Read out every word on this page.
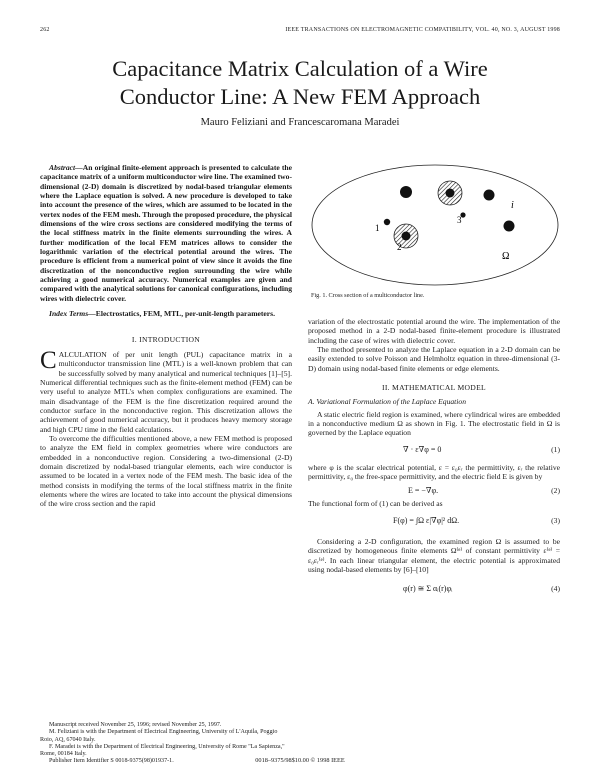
262	IEEE TRANSACTIONS ON ELECTROMAGNETIC COMPATIBILITY, VOL. 40, NO. 3, AUGUST 1998
Capacitance Matrix Calculation of a Wire
Conductor Line: A New FEM Approach
Mauro Feliziani and Francescaromana Maradei

Abstract—An original finite-element approach is presented to calculate the capacitance matrix of a uniform multiconductor wire line. The examined two-dimensional (2-D) domain is discretized by nodal-based triangular elements where the Laplace equation is solved. A new procedure is developed to take into account the presence of the wires, which are assumed to be located in the vertex nodes of the FEM mesh. Through the proposed procedure, the physical dimensions of the wire cross sections are considered modifying the terms of the local stiffness matrix in the finite elements surrounding the wires. A further modification of the local FEM matrices allows to consider the logarithmic variation of the electrical potential around the wires. The procedure is efficient from a numerical point of view since it avoids the fine discretization of the nonconductive region surrounding the wire while achieving a good numerical accuracy. Numerical examples are given and compared with the analytical solutions for canonical configurations, including wires with dielectric cover.

Index Terms—Electrostatics, FEM, MTL, per-unit-length parameters.

I. INTRODUCTION

CALCULATION of per unit length (PUL) capacitance matrix in a multiconductor transmission line (MTL) is a well-known problem that can be successfully solved by many analytical and numerical techniques [1]–[5]. Numerical differential techniques such as the finite-element method (FEM) can be very useful to analyze MTL's when complex configurations are examined. The main disadvantage of the FEM is the fine discretization required around the conductor surface in the nonconductive region. This discretization allows the achievement of good numerical accuracy, but it produces heavy memory storage and high CPU time in the field calculations.

To overcome the difficulties mentioned above, a new FEM method is proposed to analyze the EM field in complex geometries where wire conductors are embedded in a nonconductive region. Considering a two-dimensional (2-D) domain discretized by nodal-based triangular elements, each wire conductor is assumed to be located in a vertex node of the FEM mesh. The basic idea of the method consists in modifying the terms of the local stiffness matrix in the finite elements where the wires are located to take into account the physical dimensions of the wire cross section and the rapid

Manuscript received November 25, 1996; revised November 25, 1997.
M. Feliziani is with the Department of Electrical Engineering, University of L'Aquila, Poggio Roio, AQ, 67040 Italy.
F. Maradei is with the Department of Electrical Engineering, University of Rome "La Sapienza," Rome, 00184 Italy.
Publisher Item Identifier S 0018-9375(98)01937-1.
1
2
3
i
Ω
Fig. 1. Cross section of a multiconductor line.

variation of the electrostatic potential around the wire. The implementation of the proposed method in a 2-D nodal-based finite-element procedure is illustrated including the case of wires with dielectric cover.

The method presented to analyze the Laplace equation in a 2-D domain can be easily extended to solve Poisson and Helmholtz equation in three-dimensional (3-D) domain using nodal-based finite elements or edge elements.

II. MATHEMATICAL MODEL
A. Variational Formulation of the Laplace Equation

A static electric field region is examined, where cylindrical wires are embedded in a nonconductive medium Ω as shown in Fig. 1. The electrostatic field in Ω is governed by the Laplace equation

∇ · ε∇φ = 0	(1)

where φ is the scalar electrical potential, ε = ε₀εᵣ the permittivity, εᵣ the relative permittivity, ε₀ the free-space permittivity, and the electric field E is given by

E = −∇φ.	(2)

The functional form of (1) can be derived as

F(φ) = ∫Ω ε|∇φ|² dΩ.	(3)

Considering a 2-D configuration, the examined region Ω is assumed to be discretized by homogeneous finite elements Ω⁽ᵉ⁾ of constant permittivity ε⁽ᵉ⁾ = ε₀εᵣ⁽ᵉ⁾. In each linear triangular element, the electric potential is approximated using nodal-based elements by [6]–[10]

φ(r) ≅ Σ αᵢ(r)φᵢ	(4)
0018–9375/98$10.00 © 1998 IEEE
